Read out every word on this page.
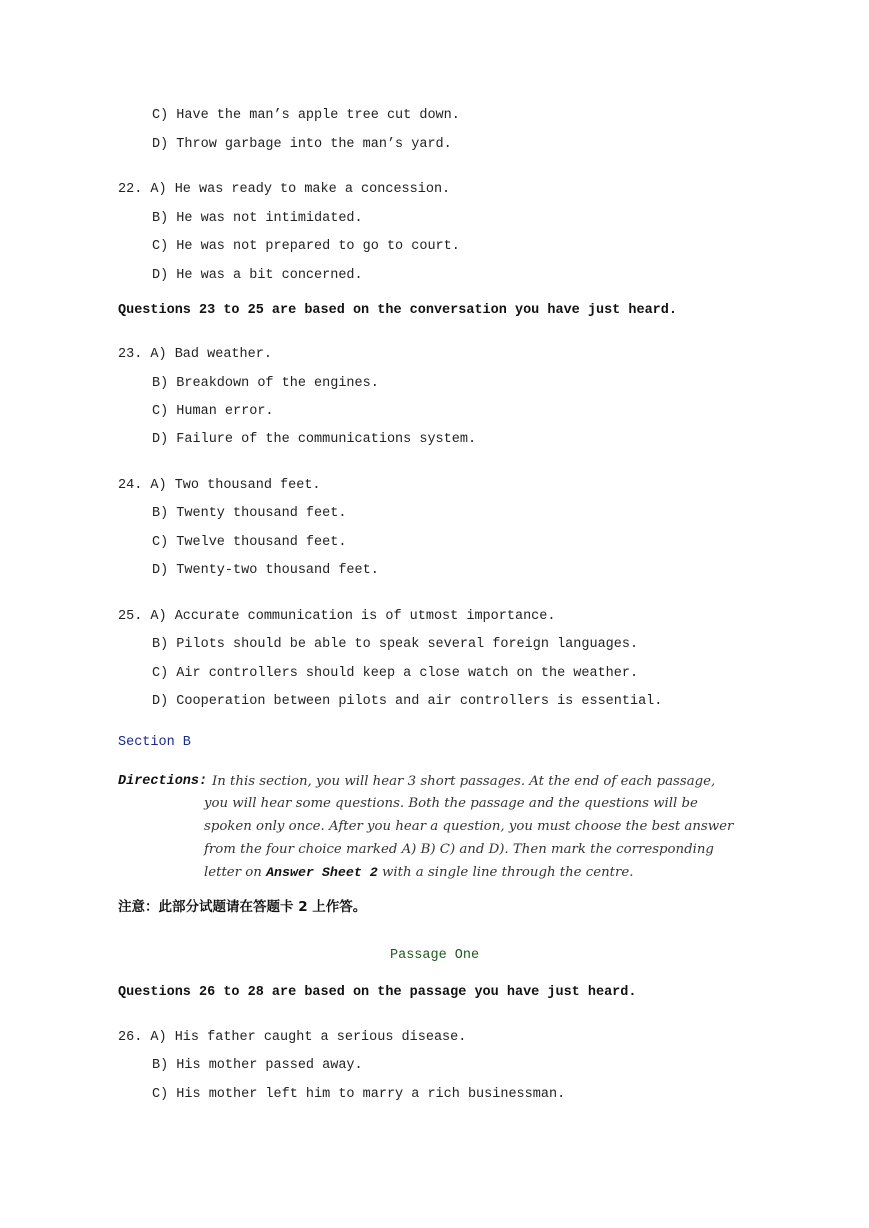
C) Have the man’s apple tree cut down.
D) Throw garbage into the man’s yard.
22. A) He was ready to make a concession.
B) He was not intimidated.
C) He was not prepared to go to court.
D) He was a bit concerned.
Questions 23 to 25 are based on the conversation you have just heard.
23. A) Bad weather.
B) Breakdown of the engines.
C) Human error.
D) Failure of the communications system.
24. A) Two thousand feet.
B) Twenty thousand feet.
C) Twelve thousand feet.
D) Twenty-two thousand feet.
25. A) Accurate communication is of utmost importance.
B) Pilots should be able to speak several foreign languages.
C) Air controllers should keep a close watch on the weather.
D) Cooperation between pilots and air controllers is essential.
Section B
Directions: In this section, you will hear 3 short passages. At the end of each passage,
you will hear some questions. Both the passage and the questions will be
spoken only once. After you hear a question, you must choose the best answer
from the four choice marked A) B) C) and D). Then mark the corresponding
letter on Answer Sheet 2 with a single line through the centre.
注意：此部分试题请在答题卡 2 上作答。
Passage One
Questions 26 to 28 are based on the passage you have just heard.
26. A) His father caught a serious disease.
B) His mother passed away.
C) His mother left him to marry a rich businessman.
